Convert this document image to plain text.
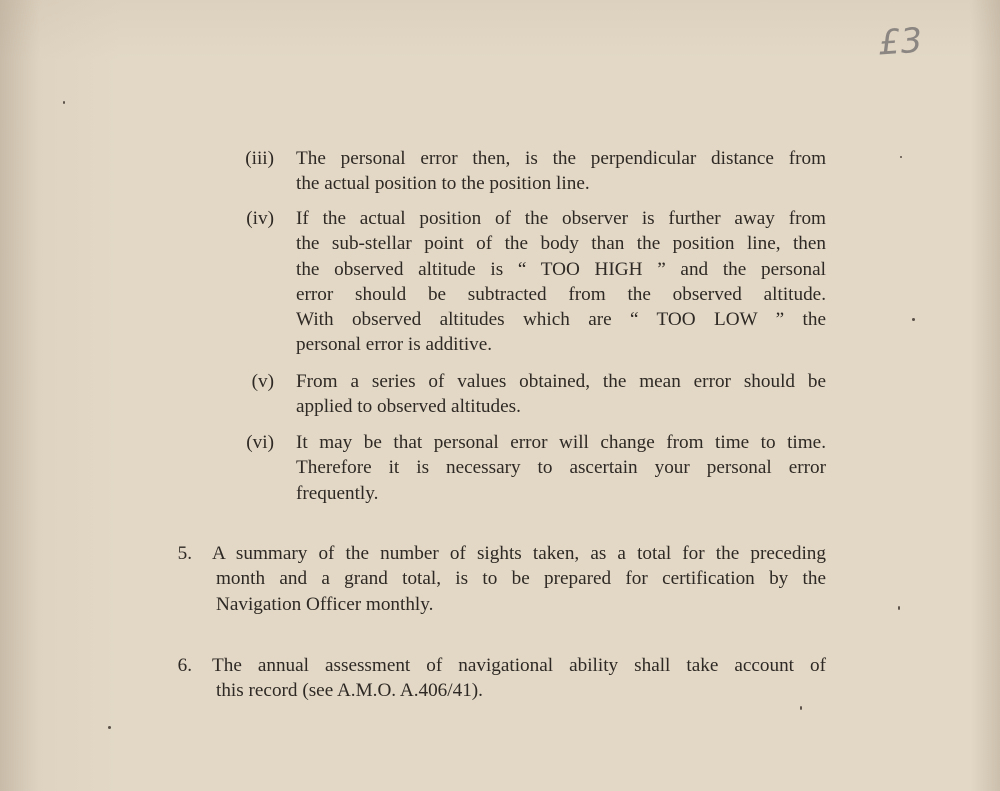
£3
(iii) The personal error then, is the perpendicular distance from
the actual position to the position line.
(iv) If the actual position of the observer is further away from
the sub-stellar point of the body than the position line, then
the observed altitude is “ TOO HIGH ” and the personal
error should be subtracted from the observed altitude.
With observed altitudes which are “ TOO LOW ” the
personal error is additive.
(v) From a series of values obtained, the mean error should be
applied to observed altitudes.
(vi) It may be that personal error will change from time to time.
Therefore it is necessary to ascertain your personal error
frequently.
5. A summary of the number of sights taken, as a total for the preceding
month and a grand total, is to be prepared for certification by the
Navigation Officer monthly.
6. The annual assessment of navigational ability shall take account of
this record (see A.M.O. A.406/41).
